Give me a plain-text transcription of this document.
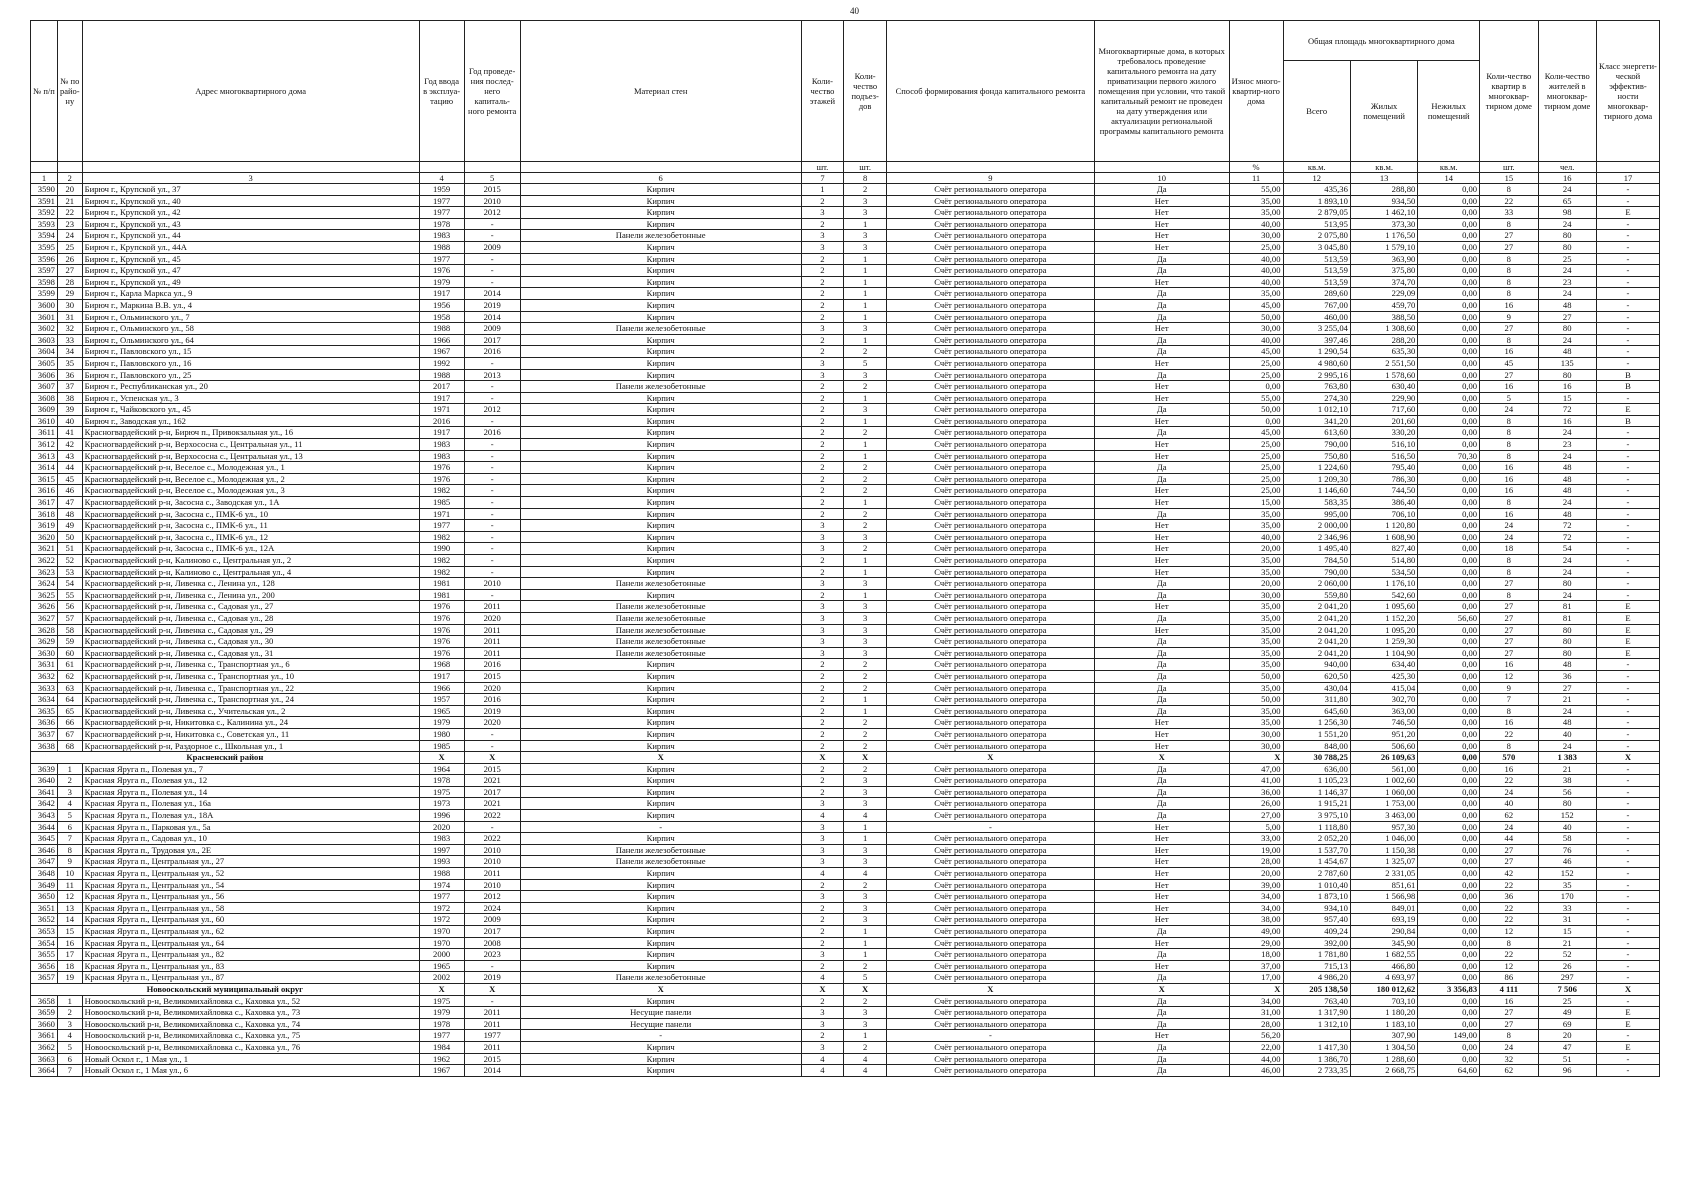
40
№ п/п	№ по райо-ну	Адрес многоквартирного дома	Год ввода в эксплуа-тацию	Год проведе-ния послед-него капиталь-ного ремонта	Материал стен	Коли-чество этажей	Коли-чество подъез-дов	Способ формирования фонда капитального ремонта	Многоквартирные дома, в которых требовалось проведение капитального ремонта на дату приватизации первого жилого помещения при условии, что такой капитальный ремонт не проведен на дату утверждения или актуализации региональной программы капитального ремонта	Износ много-квартир-ного дома	Общая площадь многоквартирного дома			Коли-чество квартир в многоквар-тирном доме	Коли-чество жителей в многоквар-тирном доме	Класс энергети-ческой эффектив-ности многоквар-тирного дома
											Всего	Жилых помещений	Нежилых помещений			
						шт.	шт.			%	кв.м.	кв.м.	кв.м.	шт.	чел.	
1	2	3	4	5	6	7	8	9	10	11	12	13	14	15	16	17
3590	20	Бирюч г., Крупской ул., 37	1959	2015	Кирпич	1	2	Счёт регионального оператора	Да	55,00	435,36	288,80	0,00	8	24	-
3591	21	Бирюч г., Крупской ул., 40	1977	2010	Кирпич	2	3	Счёт регионального оператора	Нет	35,00	1 893,10	934,50	0,00	22	65	-
3592	22	Бирюч г., Крупской ул., 42	1977	2012	Кирпич	3	3	Счёт регионального оператора	Нет	35,00	2 879,05	1 462,10	0,00	33	98	Е
3593	23	Бирюч г., Крупской ул., 43	1978	-	Кирпич	2	1	Счёт регионального оператора	Нет	40,00	513,95	373,30	0,00	8	24	-
3594	24	Бирюч г., Крупской ул., 44	1983	-	Панели железобетонные	3	3	Счёт регионального оператора	Нет	30,00	2 075,80	1 176,50	0,00	27	80	-
3595	25	Бирюч г., Крупской ул., 44А	1988	2009	Кирпич	3	3	Счёт регионального оператора	Нет	25,00	3 045,80	1 579,10	0,00	27	80	-
3596	26	Бирюч г., Крупской ул., 45	1977	-	Кирпич	2	1	Счёт регионального оператора	Да	40,00	513,59	363,90	0,00	8	25	-
3597	27	Бирюч г., Крупской ул., 47	1976	-	Кирпич	2	1	Счёт регионального оператора	Да	40,00	513,59	375,80	0,00	8	24	-
3598	28	Бирюч г., Крупской ул., 49	1979	-	Кирпич	2	1	Счёт регионального оператора	Нет	40,00	513,59	374,70	0,00	8	23	-
3599	29	Бирюч г., Карла Маркса ул., 9	1917	2014	Кирпич	2	1	Счёт регионального оператора	Да	35,00	289,60	229,09	0,00	8	24	-
3600	30	Бирюч г., Маркина В.В. ул., 4	1956	2019	Кирпич	2	1	Счёт регионального оператора	Да	45,00	767,00	459,70	0,00	16	48	-
3601	31	Бирюч г., Ольминского ул., 7	1958	2014	Кирпич	2	1	Счёт регионального оператора	Да	50,00	460,00	388,50	0,00	9	27	-
3602	32	Бирюч г., Ольминского ул., 58	1988	2009	Панели железобетонные	3	3	Счёт регионального оператора	Нет	30,00	3 255,04	1 308,60	0,00	27	80	-
3603	33	Бирюч г., Ольминского ул., 64	1966	2017	Кирпич	2	1	Счёт регионального оператора	Да	40,00	397,46	288,20	0,00	8	24	-
3604	34	Бирюч г., Павловского ул., 15	1967	2016	Кирпич	2	2	Счёт регионального оператора	Да	45,00	1 290,54	635,30	0,00	16	48	-
3605	35	Бирюч г., Павловского ул., 16	1992	-	Кирпич	3	5	Счёт регионального оператора	Нет	25,00	4 980,60	2 551,50	0,00	45	135	-
3606	36	Бирюч г., Павловского ул., 25	1988	2013	Кирпич	3	3	Счёт регионального оператора	Да	25,00	2 995,16	1 578,60	0,00	27	80	В
3607	37	Бирюч г., Республиканская ул., 20	2017	-	Панели железобетонные	2	2	Счёт регионального оператора	Нет	0,00	763,80	630,40	0,00	16	16	В
3608	38	Бирюч г., Успенская ул., 3	1917	-	Кирпич	2	1	Счёт регионального оператора	Нет	55,00	274,30	229,90	0,00	5	15	-
3609	39	Бирюч г., Чайковского ул., 45	1971	2012	Кирпич	2	3	Счёт регионального оператора	Да	50,00	1 012,10	717,60	0,00	24	72	Е
3610	40	Бирюч г., Заводская ул., 162	2016	-	Кирпич	2	1	Счёт регионального оператора	Нет	0,00	341,20	201,60	0,00	8	16	В
3611	41	Красногвардейский р-н, Бирюч п., Привокзальная ул., 16	1917	2016	Кирпич	2	2	Счёт регионального оператора	Да	45,00	613,60	330,20	0,00	8	24	-
3612	42	Красногвардейский р-н, Верхососна с., Центральная ул., 11	1983	-	Кирпич	2	1	Счёт регионального оператора	Нет	25,00	790,00	516,10	0,00	8	23	-
3613	43	Красногвардейский р-н, Верхососна с., Центральная ул., 13	1983	-	Кирпич	2	1	Счёт регионального оператора	Нет	25,00	750,80	516,50	70,30	8	24	-
3614	44	Красногвардейский р-н, Веселое с., Молодежная ул., 1	1976	-	Кирпич	2	2	Счёт регионального оператора	Да	25,00	1 224,60	795,40	0,00	16	48	-
3615	45	Красногвардейский р-н, Веселое с., Молодежная ул., 2	1976	-	Кирпич	2	2	Счёт регионального оператора	Да	25,00	1 209,30	786,30	0,00	16	48	-
3616	46	Красногвардейский р-н, Веселое с., Молодежная ул., 3	1982	-	Кирпич	2	2	Счёт регионального оператора	Нет	25,00	1 146,60	744,50	0,00	16	48	-
3617	47	Красногвардейский р-н, Засосна с., Заводская ул., 1А	1985	-	Кирпич	2	1	Счёт регионального оператора	Нет	15,00	583,35	386,40	0,00	8	24	-
3618	48	Красногвардейский р-н, Засосна с., ПМК-6 ул., 10	1971	-	Кирпич	2	2	Счёт регионального оператора	Да	35,00	995,00	706,10	0,00	16	48	-
3619	49	Красногвардейский р-н, Засосна с., ПМК-6 ул., 11	1977	-	Кирпич	3	2	Счёт регионального оператора	Нет	35,00	2 000,00	1 120,80	0,00	24	72	-
3620	50	Красногвардейский р-н, Засосна с., ПМК-6 ул., 12	1982	-	Кирпич	3	3	Счёт регионального оператора	Нет	40,00	2 346,96	1 608,90	0,00	24	72	-
3621	51	Красногвардейский р-н, Засосна с., ПМК-6 ул., 12А	1990	-	Кирпич	3	2	Счёт регионального оператора	Нет	20,00	1 495,40	827,40	0,00	18	54	-
3622	52	Красногвардейский р-н, Калиново с., Центральная ул., 2	1982	-	Кирпич	2	1	Счёт регионального оператора	Нет	35,00	784,50	514,80	0,00	8	24	-
3623	53	Красногвардейский р-н, Калиново с., Центральная ул., 4	1982	-	Кирпич	2	1	Счёт регионального оператора	Нет	35,00	790,00	534,50	0,00	8	24	-
3624	54	Красногвардейский р-н, Ливенка с., Ленина ул., 128	1981	2010	Панели железобетонные	3	3	Счёт регионального оператора	Да	20,00	2 060,00	1 176,10	0,00	27	80	-
3625	55	Красногвардейский р-н, Ливенка с., Ленина ул., 200	1981	-	Кирпич	2	1	Счёт регионального оператора	Да	30,00	559,80	542,60	0,00	8	24	-
3626	56	Красногвардейский р-н, Ливенка с., Садовая ул., 27	1976	2011	Панели железобетонные	3	3	Счёт регионального оператора	Нет	35,00	2 041,20	1 095,60	0,00	27	81	Е
3627	57	Красногвардейский р-н, Ливенка с., Садовая ул., 28	1976	2020	Панели железобетонные	3	3	Счёт регионального оператора	Да	35,00	2 041,20	1 152,20	56,60	27	81	Е
3628	58	Красногвардейский р-н, Ливенка с., Садовая ул., 29	1976	2011	Панели железобетонные	3	3	Счёт регионального оператора	Нет	35,00	2 041,20	1 095,20	0,00	27	80	Е
3629	59	Красногвардейский р-н, Ливенка с., Садовая ул., 30	1976	2011	Панели железобетонные	3	3	Счёт регионального оператора	Да	35,00	2 041,20	1 259,30	0,00	27	80	Е
3630	60	Красногвардейский р-н, Ливенка с., Садовая ул., 31	1976	2011	Панели железобетонные	3	3	Счёт регионального оператора	Да	35,00	2 041,20	1 104,90	0,00	27	80	Е
3631	61	Красногвардейский р-н, Ливенка с., Транспортная ул., 6	1968	2016	Кирпич	2	2	Счёт регионального оператора	Да	35,00	940,00	634,40	0,00	16	48	-
3632	62	Красногвардейский р-н, Ливенка с., Транспортная ул., 10	1917	2015	Кирпич	2	2	Счёт регионального оператора	Да	50,00	620,50	425,30	0,00	12	36	-
3633	63	Красногвардейский р-н, Ливенка с., Транспортная ул., 22	1966	2020	Кирпич	2	2	Счёт регионального оператора	Да	35,00	430,04	415,04	0,00	9	27	-
3634	64	Красногвардейский р-н, Ливенка с., Транспортная ул., 24	1957	2016	Кирпич	2	1	Счёт регионального оператора	Да	50,00	311,80	302,70	0,00	7	21	-
3635	65	Красногвардейский р-н, Ливенка с., Учительская ул., 2	1965	2019	Кирпич	2	1	Счёт регионального оператора	Да	35,00	645,60	363,00	0,00	8	24	-
3636	66	Красногвардейский р-н, Никитовка с., Калинина ул., 24	1979	2020	Кирпич	2	2	Счёт регионального оператора	Нет	35,00	1 256,30	746,50	0,00	16	48	-
3637	67	Красногвардейский р-н, Никитовка с., Советская ул., 11	1980	-	Кирпич	2	2	Счёт регионального оператора	Нет	30,00	1 551,20	951,20	0,00	22	40	-
3638	68	Красногвардейский р-н, Раздорное с., Школьная ул., 1	1985	-	Кирпич	2	2	Счёт регионального оператора	Нет	30,00	848,00	506,60	0,00	8	24	-
Красненский район			X	X	X	X	X	X	X	X	30 788,25	26 109,63	0,00	570	1 383	X
3639	1	Красная Яруга п., Полевая ул., 7	1964	2015	Кирпич	2	2	Счёт регионального оператора	Да	47,00	636,00	561,00	0,00	16	21	-
3640	2	Красная Яруга п., Полевая ул., 12	1978	2021	Кирпич	2	3	Счёт регионального оператора	Да	41,00	1 105,23	1 002,60	0,00	22	38	-
3641	3	Красная Яруга п., Полевая ул., 14	1975	2017	Кирпич	2	3	Счёт регионального оператора	Да	36,00	1 146,37	1 060,00	0,00	24	56	-
3642	4	Красная Яруга п., Полевая ул., 16а	1973	2021	Кирпич	3	3	Счёт регионального оператора	Да	26,00	1 915,21	1 753,00	0,00	40	80	-
3643	5	Красная Яруга п., Полевая ул., 18А	1996	2022	Кирпич	4	4	Счёт регионального оператора	Да	27,00	3 975,10	3 463,00	0,00	62	152	-
3644	6	Красная Яруга п., Парковая ул., 5а	2020	-	-	3	1	-	Нет	5,00	1 118,80	957,30	0,00	24	40	-
3645	7	Красная Яруга п., Садовая ул., 10	1983	2022	Кирпич	3	1	Счёт регионального оператора	Нет	33,00	2 052,20	1 046,00	0,00	44	58	-
3646	8	Красная Яруга п., Трудовая ул., 2Е	1997	2010	Панели железобетонные	3	3	Счёт регионального оператора	Нет	19,00	1 537,70	1 150,38	0,00	27	76	-
3647	9	Красная Яруга п., Центральная ул., 27	1993	2010	Панели железобетонные	3	3	Счёт регионального оператора	Нет	28,00	1 454,67	1 325,07	0,00	27	46	-
3648	10	Красная Яруга п., Центральная ул., 52	1988	2011	Кирпич	4	4	Счёт регионального оператора	Нет	20,00	2 787,60	2 331,05	0,00	42	152	-
3649	11	Красная Яруга п., Центральная ул., 54	1974	2010	Кирпич	2	2	Счёт регионального оператора	Нет	39,00	1 010,40	851,61	0,00	22	35	-
3650	12	Красная Яруга п., Центральная ул., 56	1977	2012	Кирпич	3	3	Счёт регионального оператора	Нет	34,00	1 873,10	1 566,98	0,00	36	170	-
3651	13	Красная Яруга п., Центральная ул., 58	1972	2024	Кирпич	2	3	Счёт регионального оператора	Нет	34,00	934,10	849,01	0,00	22	33	-
3652	14	Красная Яруга п., Центральная ул., 60	1972	2009	Кирпич	2	3	Счёт регионального оператора	Нет	38,00	957,40	693,19	0,00	22	31	-
3653	15	Красная Яруга п., Центральная ул., 62	1970	2017	Кирпич	2	1	Счёт регионального оператора	Да	49,00	409,24	290,84	0,00	12	15	-
3654	16	Красная Яруга п., Центральная ул., 64	1970	2008	Кирпич	2	1	Счёт регионального оператора	Нет	29,00	392,00	345,90	0,00	8	21	-
3655	17	Красная Яруга п., Центральная ул., 82	2000	2023	Кирпич	3	1	Счёт регионального оператора	Да	18,00	1 781,80	1 682,55	0,00	22	52	-
3656	18	Красная Яруга п., Центральная ул., 83	1965	-	Кирпич	2	2	Счёт регионального оператора	Нет	37,00	715,13	466,80	0,00	12	26	-
3657	19	Красная Яруга п., Центральная ул., 87	2002	2019	Панели железобетонные	4	5	Счёт регионального оператора	Да	17,00	4 986,20	4 693,97	0,00	86	297	-
Новооскольский муниципальный округ			X	X	X	X	X	X	X	X	205 138,50	180 012,62	3 356,83	4 111	7 506	X
3658	1	Новооскольский р-н, Великомихайловка с., Каховка ул., 52	1975	-	Кирпич	2	2	Счёт регионального оператора	Да	34,00	763,40	703,10	0,00	16	25	-
3659	2	Новооскольский р-н, Великомихайловка с., Каховка ул., 73	1979	2011	Несущие панели	3	3	Счёт регионального оператора	Да	31,00	1 317,90	1 180,20	0,00	27	49	Е
3660	3	Новооскольский р-н, Великомихайловка с., Каховка ул., 74	1978	2011	Несущие панели	3	3	Счёт регионального оператора	Да	28,00	1 312,10	1 183,10	0,00	27	69	Е
3661	4	Новооскольский р-н, Великомихайловка с., Каховка ул., 75	1977	1977	-	2	1	-	Нет	56,20		307,90	149,00	8	20	-
3662	5	Новооскольский р-н, Великомихайловка с., Каховка ул., 76	1984	2011	Кирпич	3	2	Счёт регионального оператора	Да	22,00	1 417,30	1 304,50	0,00	24	47	Е
3663	6	Новый Оскол г., 1 Мая ул., 1	1962	2015	Кирпич	4	4	Счёт регионального оператора	Да	44,00	1 386,70	1 288,60	0,00	32	51	-
3664	7	Новый Оскол г., 1 Мая ул., 6	1967	2014	Кирпич	4	4	Счёт регионального оператора	Да	46,00	2 733,35	2 668,75	64,60	62	96	-
